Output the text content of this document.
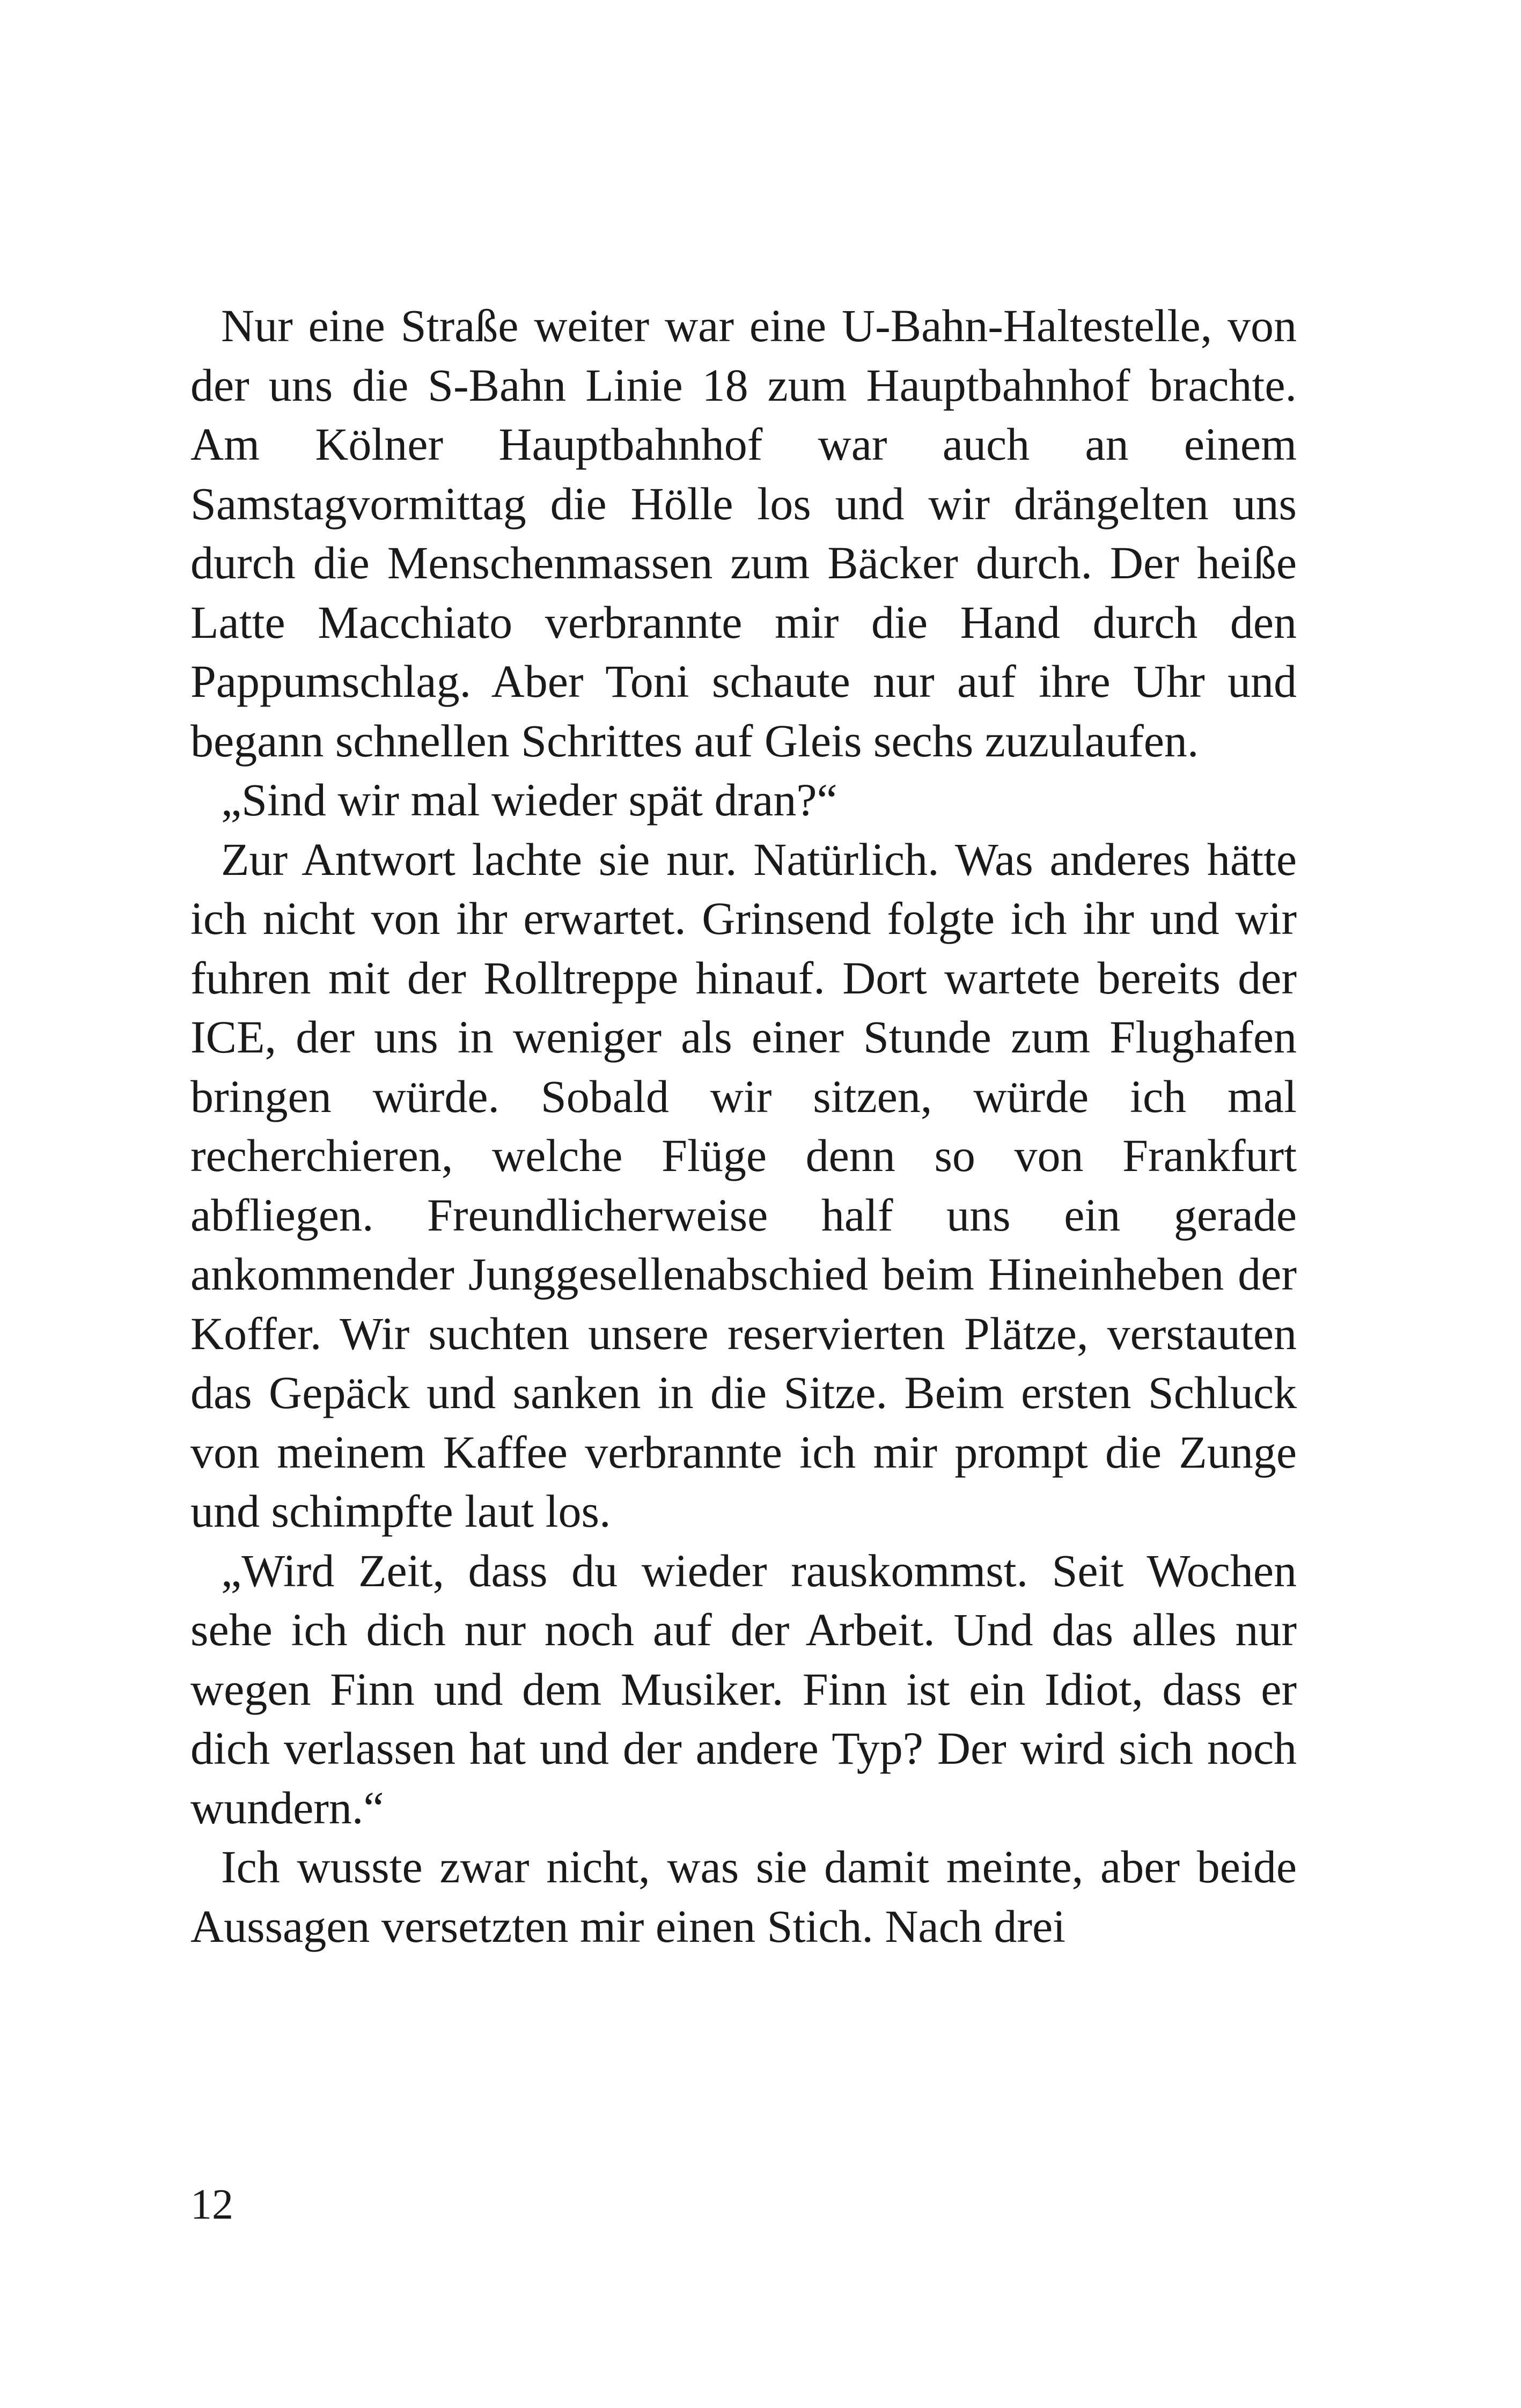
Nur eine Straße weiter war eine U-Bahn-Haltestelle, von der uns die S-Bahn Linie 18 zum Hauptbahnhof brachte. Am Kölner Hauptbahnhof war auch an einem Samstagvormittag die Hölle los und wir drängelten uns durch die Menschenmassen zum Bäcker durch. Der heiße Latte Macchiato verbrannte mir die Hand durch den Pappumschlag. Aber Toni schaute nur auf ihre Uhr und begann schnellen Schrittes auf Gleis sechs zuzulaufen.

„Sind wir mal wieder spät dran?“

Zur Antwort lachte sie nur. Natürlich. Was anderes hätte ich nicht von ihr erwartet. Grinsend folgte ich ihr und wir fuhren mit der Rolltreppe hinauf. Dort wartete bereits der ICE, der uns in weniger als einer Stunde zum Flughafen bringen würde. Sobald wir sitzen, würde ich mal recherchieren, welche Flüge denn so von Frankfurt abfliegen. Freundlicherweise half uns ein gerade ankommender Junggesellenabschied beim Hineinheben der Koffer. Wir suchten unsere reservierten Plätze, verstauten das Gepäck und sanken in die Sitze. Beim ersten Schluck von meinem Kaffee verbrannte ich mir prompt die Zunge und schimpfte laut los.

„Wird Zeit, dass du wieder rauskommst. Seit Wochen sehe ich dich nur noch auf der Arbeit. Und das alles nur wegen Finn und dem Musiker. Finn ist ein Idiot, dass er dich verlassen hat und der andere Typ? Der wird sich noch wundern.“

Ich wusste zwar nicht, was sie damit meinte, aber beide Aussagen versetzten mir einen Stich. Nach drei

12
